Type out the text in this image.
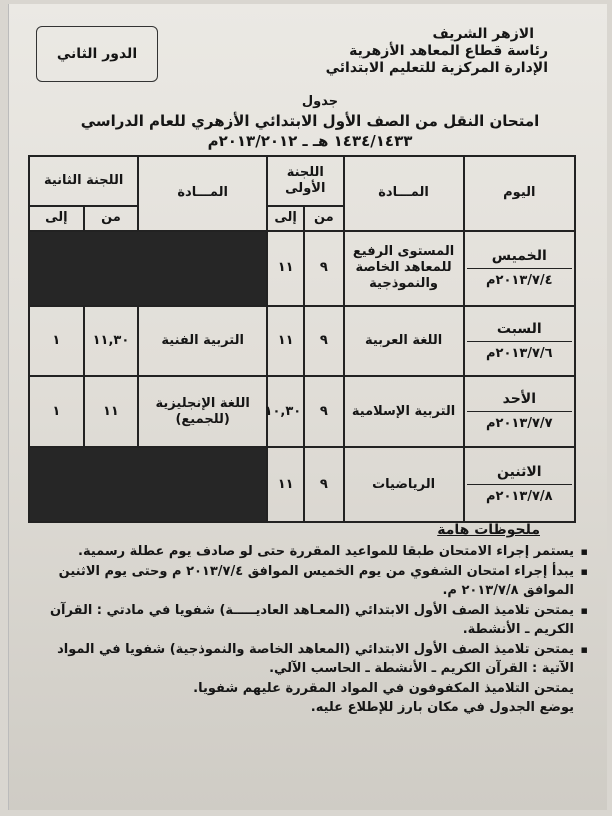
الازهر الشريف
رئاسة قطاع المعاهد الأزهرية
الإدارة المركزية للتعليم الابتدائي
الدور الثاني
جدول
امتحان النقل من الصف الأول الابتدائي الأزهري للعام الدراسي
١٤٣٤/١٤٣٣ هـ ـ ٢٠١٣/٢٠١٢م
اليوم	المـــادة	اللجنة الأولى		المـــادة	اللجنة الثانية	
		من	إلى		من	إلى

الخميس
٢٠١٣/٧/٤م	المستوى الرفيع للمعاهد الخاصة والنموذجية	٩	١١			

السبت
٢٠١٣/٧/٦م	اللغة العربية	٩	١١	التربية الفنية	١١,٣٠	١

الأحد
٢٠١٣/٧/٧م	التربية الإسلامية	٩	١٠,٣٠	اللغة الإنجليزية (للجميع)	١١	١

الاثنين
٢٠١٣/٧/٨م	الرياضيات	٩	١١			
ملحوظات هامة
▪ يستمر إجراء الامتحان طبقا للمواعيد المقررة حتى لو صادف يوم عطلة رسمية.
▪ يبدأ إجراء امتحان الشفوي من يوم الخميس الموافق ٢٠١٣/٧/٤ م وحتى يوم الاثنين الموافق ٢٠١٣/٧/٨ م.
▪ يمتحن تلاميذ الصف الأول الابتدائي (المعـاهد العاديـــــة) شفويا في مادتي : القرآن الكريم ـ الأنشطة.
▪ يمتحن تلاميذ الصف الأول الابتدائي (المعاهد الخاصة والنموذجية) شفويا في المواد الآتية : القرآن الكريم ـ الأنشطة ـ الحاسب الآلي.
يمتحن التلاميذ المكفوفون في المواد المقررة عليهم شفويا.
يوضع الجدول في مكان بارز للإطلاع عليه.
